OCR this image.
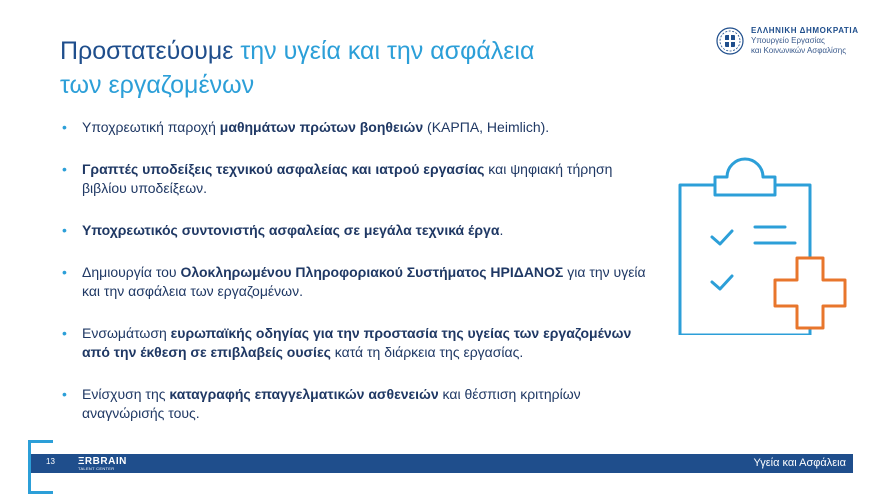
Προστατεύουμε την υγεία και την ασφάλεια
των εργαζομένων
ΕΛΛΗΝΙΚΗ ΔΗΜΟΚΡΑΤΙΑ
Υπουργείο Εργασίας
και Κοινωνικών Ασφαλίσης
• Υποχρεωτική παροχή μαθημάτων πρώτων βοηθειών (ΚΑΡΠΑ, Heimlich).
• Γραπτές υποδείξεις τεχνικού ασφαλείας και ιατρού εργασίας και ψηφιακή τήρηση βιβλίου υποδείξεων.
• Υποχρεωτικός συντονιστής ασφαλείας σε μεγάλα τεχνικά έργα.
• Δημιουργία του Ολοκληρωμένου Πληροφοριακού Συστήματος ΗΡΙΔΑΝΟΣ για την υγεία και την ασφάλεια των εργαζομένων.
• Ενσωμάτωση ευρωπαϊκής οδηγίας για την προστασία της υγείας των εργαζομένων από την έκθεση σε επιβλαβείς ουσίες κατά τη διάρκεια της εργασίας.
• Ενίσχυση της καταγραφής επαγγελματικών ασθενειών και θέσπιση κριτηρίων αναγνώρισής τους.
13 ΞRBRAIN
TALENT CENTER	Υγεία και Ασφάλεια
